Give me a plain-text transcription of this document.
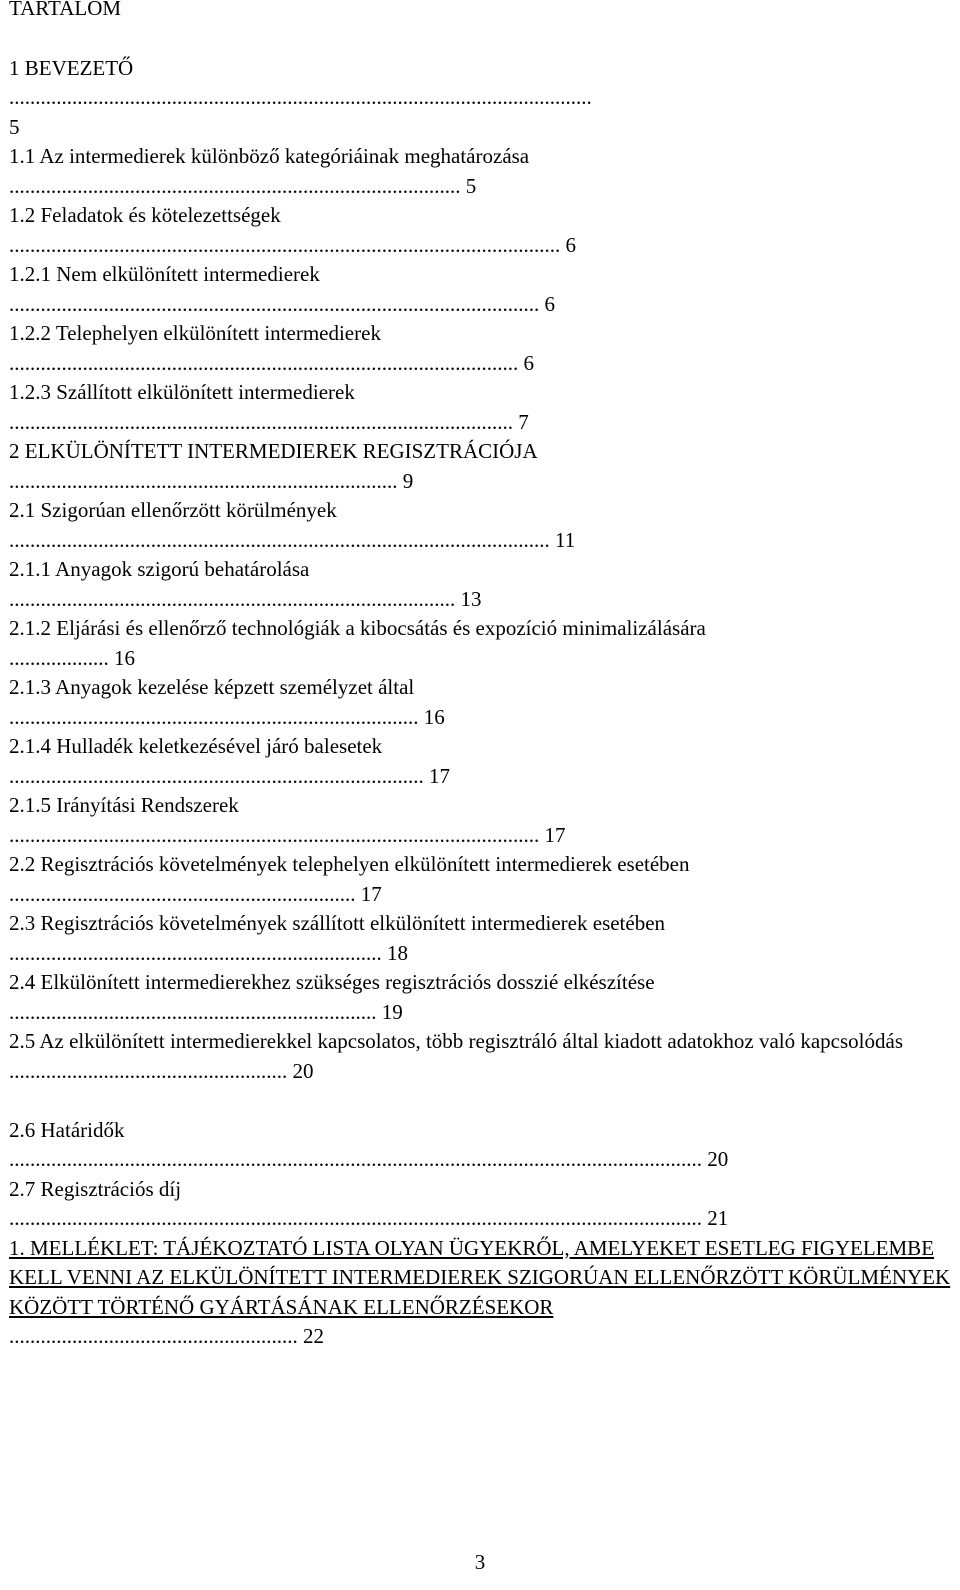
TARTALOM
1 BEVEZETŐ
...............................................................................................................
5
1.1 Az intermedierek különböző kategóriáinak meghatározása
...................................................................................... 5
1.2 Feladatok és kötelezettségek
......................................................................................................... 6
1.2.1 Nem elkülönített intermedierek
..................................................................................................... 6
1.2.2 Telephelyen elkülönített intermedierek
................................................................................................. 6
1.2.3 Szállított elkülönített intermedierek
................................................................................................ 7
2 ELKÜLÖNÍTETT INTERMEDIEREK REGISZTRÁCIÓJA
.......................................................................... 9
2.1 Szigorúan ellenőrzött körülmények
....................................................................................................... 11
2.1.1 Anyagok szigorú behatárolása
..................................................................................... 13
2.1.2 Eljárási és ellenőrző technológiák a kibocsátás és expozíció minimalizálására
................... 16
2.1.3 Anyagok kezelése képzett személyzet által
.............................................................................. 16
2.1.4 Hulladék keletkezésével járó balesetek
............................................................................... 17
2.1.5 Irányítási Rendszerek
..................................................................................................... 17
2.2 Regisztrációs követelmények telephelyen elkülönített intermedierek esetében
.................................................................. 17
2.3 Regisztrációs követelmények szállított elkülönített intermedierek esetében
....................................................................... 18
2.4 Elkülönített intermedierekhez szükséges regisztrációs dosszié elkészítése
...................................................................... 19
2.5 Az elkülönített intermedierekkel kapcsolatos, több regisztráló által kiadott adatokhoz való kapcsolódás ..................................................... 20
2.6 Határidők
.................................................................................................................................... 20
2.7 Regisztrációs díj
.................................................................................................................................... 21
1. MELLÉKLET: TÁJÉKOZTATÓ LISTA OLYAN ÜGYEKRŐL, AMELYEKET ESETLEG FIGYELEMBE KELL VENNI AZ ELKÜLÖNÍTETT INTERMEDIEREK SZIGORÚAN ELLENŐRZÖTT KÖRÜLMÉNYEK KÖZÖTT TÖRTÉNŐ GYÁRTÁSÁNAK ELLENŐRZÉSEKOR
....................................................... 22
3
